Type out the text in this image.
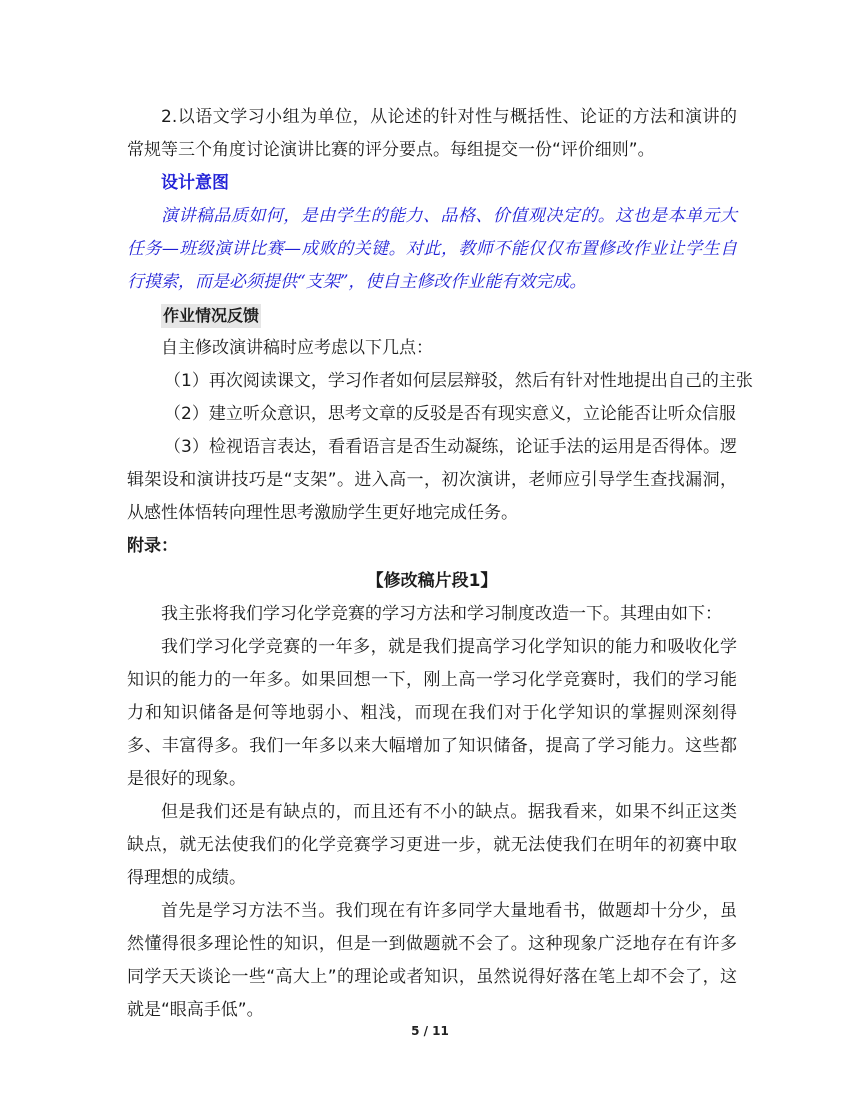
2.以语文学习小组为单位，从论述的针对性与概括性、论证的方法和演讲的常规等三个角度讨论演讲比赛的评分要点。每组提交一份“评价细则”。

设计意图

演讲稿品质如何，是由学生的能力、品格、价值观决定的。这也是本单元大任务—班级演讲比赛—成败的关键。对此，教师不能仅仅布置修改作业让学生自行摸索，而是必须提供“支架”，使自主修改作业能有效完成。

作业情况反馈

自主修改演讲稿时应考虑以下几点：

（1）再次阅读课文，学习作者如何层层辩驳，然后有针对性地提出自己的主张

（2）建立听众意识，思考文章的反驳是否有现实意义，立论能否让听众信服

（3）检视语言表达，看看语言是否生动凝练，论证手法的运用是否得体。逻辑架设和演讲技巧是“支架”。进入高一，初次演讲，老师应引导学生查找漏洞，从感性体悟转向理性思考激励学生更好地完成任务。

附录：

【修改稿片段1】

我主张将我们学习化学竞赛的学习方法和学习制度改造一下。其理由如下：

我们学习化学竞赛的一年多，就是我们提高学习化学知识的能力和吸收化学知识的能力的一年多。如果回想一下，刚上高一学习化学竞赛时，我们的学习能力和知识储备是何等地弱小、粗浅，而现在我们对于化学知识的掌握则深刻得多、丰富得多。我们一年多以来大幅增加了知识储备，提高了学习能力。这些都是很好的现象。

但是我们还是有缺点的，而且还有不小的缺点。据我看来，如果不纠正这类缺点，就无法使我们的化学竞赛学习更进一步，就无法使我们在明年的初赛中取得理想的成绩。

首先是学习方法不当。我们现在有许多同学大量地看书，做题却十分少，虽然懂得很多理论性的知识，但是一到做题就不会了。这种现象广泛地存在有许多同学天天谈论一些“高大上”的理论或者知识，虽然说得好落在笔上却不会了，这就是“眼高手低”。

5 / 11
